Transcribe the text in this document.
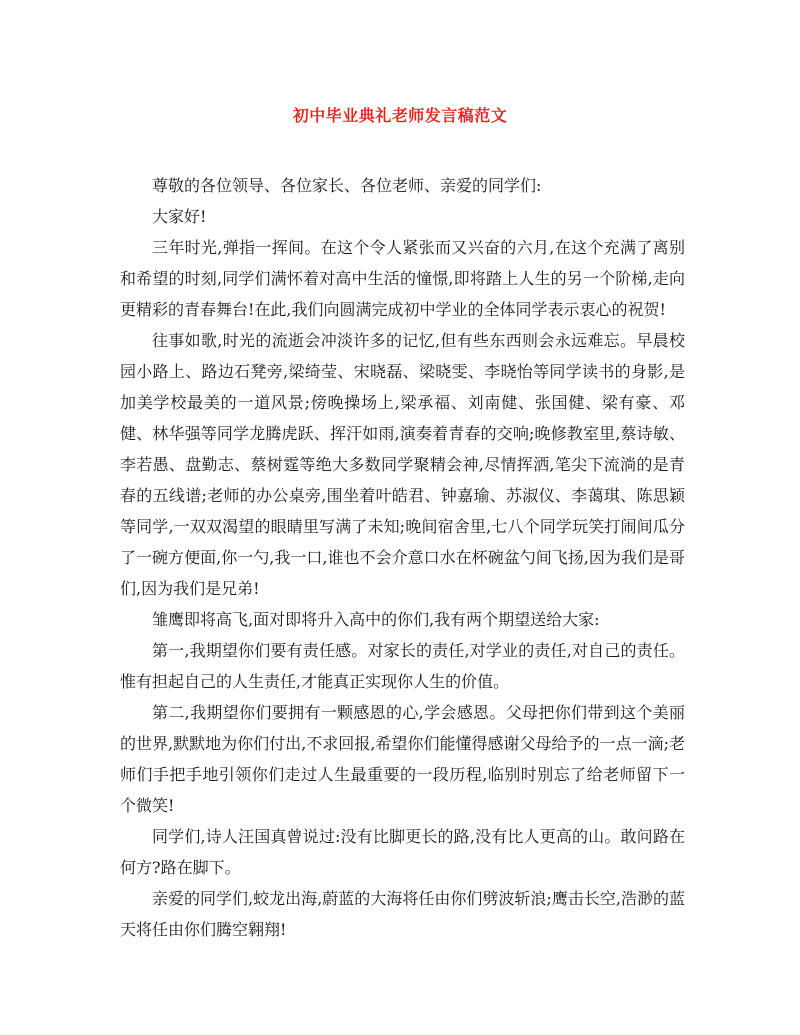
初中毕业典礼老师发言稿范文

尊敬的各位领导、各位家长、各位老师、亲爱的同学们:

大家好!

三年时光,弹指一挥间。在这个令人紧张而又兴奋的六月,在这个充满了离别和希望的时刻,同学们满怀着对高中生活的憧憬,即将踏上人生的另一个阶梯,走向更精彩的青春舞台!在此,我们向圆满完成初中学业的全体同学表示衷心的祝贺!

往事如歌,时光的流逝会冲淡许多的记忆,但有些东西则会永远难忘。早晨校园小路上、路边石凳旁,梁绮莹、宋晓磊、梁晓雯、李晓怡等同学读书的身影,是加美学校最美的一道风景;傍晚操场上,梁承福、刘南健、张国健、梁有豪、邓健、林华强等同学龙腾虎跃、挥汗如雨,演奏着青春的交响;晚修教室里,蔡诗敏、李若愚、盘勤志、蔡树霆等绝大多数同学聚精会神,尽情挥洒,笔尖下流淌的是青春的五线谱;老师的办公桌旁,围坐着叶皓君、钟嘉瑜、苏淑仪、李蔼琪、陈思颖等同学,一双双渴望的眼睛里写满了未知;晚间宿舍里,七八个同学玩笑打闹间瓜分了一碗方便面,你一勺,我一口,谁也不会介意口水在杯碗盆勺间飞扬,因为我们是哥们,因为我们是兄弟!

雏鹰即将高飞,面对即将升入高中的你们,我有两个期望送给大家:

第一,我期望你们要有责任感。对家长的责任,对学业的责任,对自己的责任。惟有担起自己的人生责任,才能真正实现你人生的价值。

第二,我期望你们要拥有一颗感恩的心,学会感恩。父母把你们带到这个美丽的世界,默默地为你们付出,不求回报,希望你们能懂得感谢父母给予的一点一滴;老师们手把手地引领你们走过人生最重要的一段历程,临别时别忘了给老师留下一个微笑!

同学们,诗人汪国真曾说过:没有比脚更长的路,没有比人更高的山。敢问路在何方?路在脚下。

亲爱的同学们,蛟龙出海,蔚蓝的大海将任由你们劈波斩浪;鹰击长空,浩渺的蓝天将任由你们腾空翱翔!
